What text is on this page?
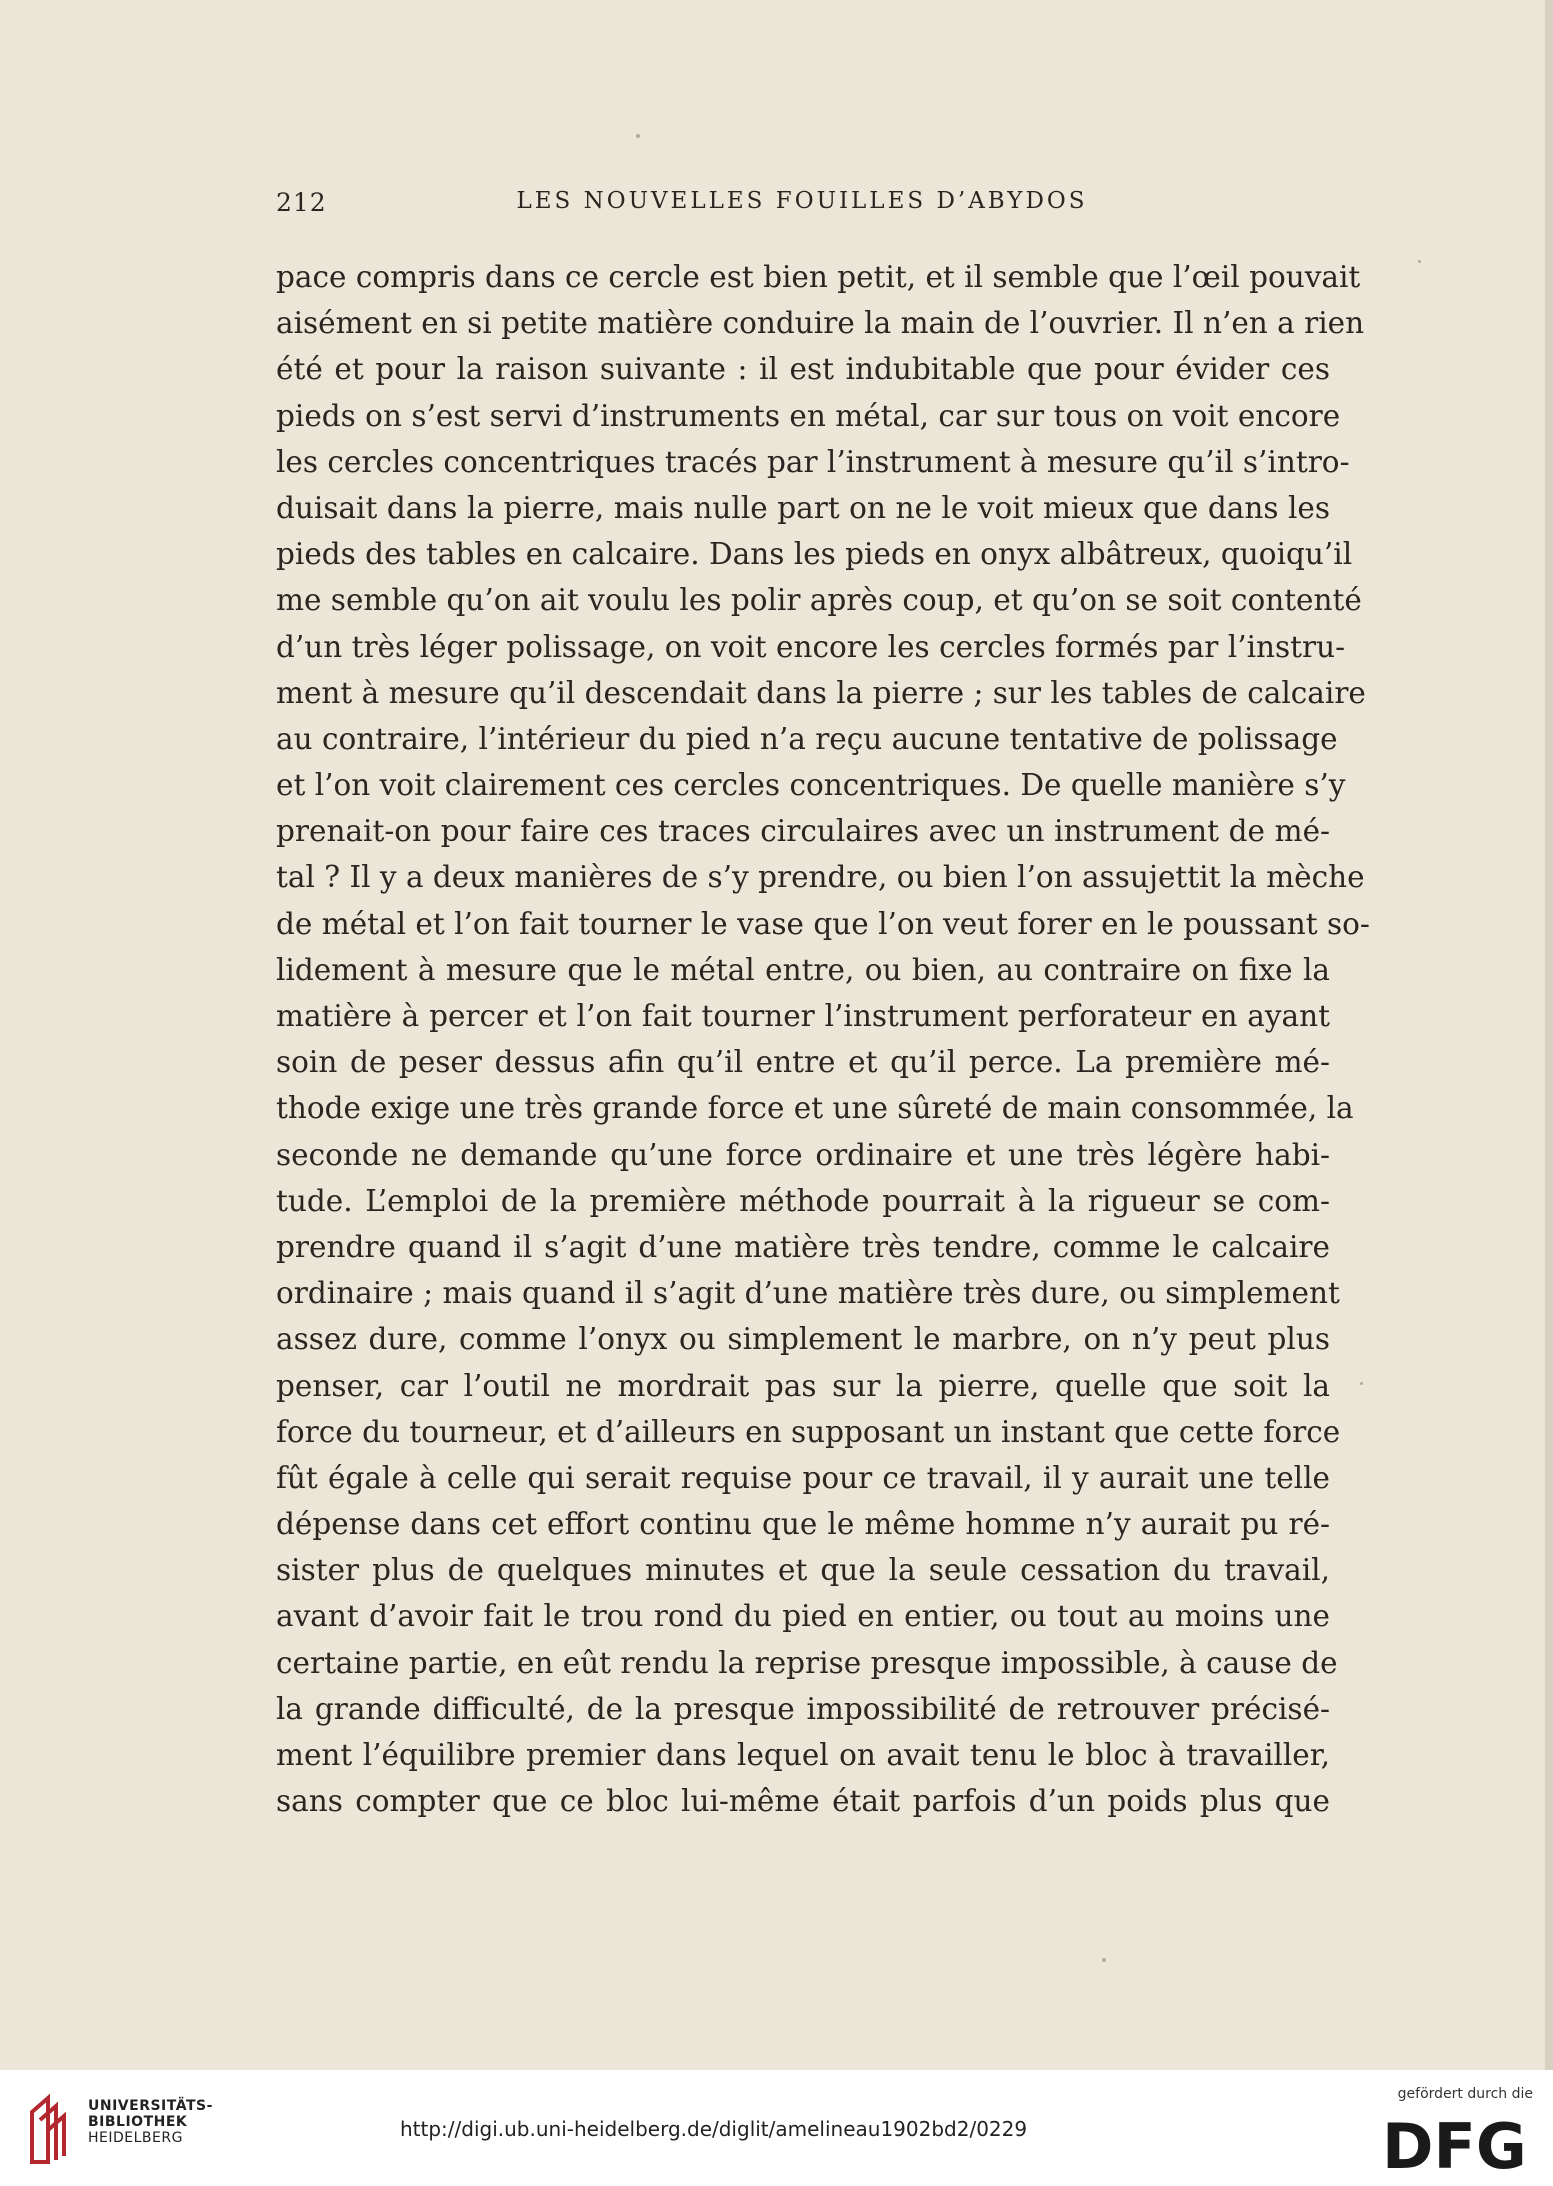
212	LES NOUVELLES FOUILLES D’ABYDOS
pace compris dans ce cercle est bien petit, et il semble que l’œil pouvait
aisément en si petite matière conduire la main de l’ouvrier. Il n’en a rien
été et pour la raison suivante : il est indubitable que pour évider ces
pieds on s’est servi d’instruments en métal, car sur tous on voit encore
les cercles concentriques tracés par l’instrument à mesure qu’il s’intro-
duisait dans la pierre, mais nulle part on ne le voit mieux que dans les
pieds des tables en calcaire. Dans les pieds en onyx albâtreux, quoiqu’il
me semble qu’on ait voulu les polir après coup, et qu’on se soit contenté
d’un très léger polissage, on voit encore les cercles formés par l’instru-
ment à mesure qu’il descendait dans la pierre ; sur les tables de calcaire
au contraire, l’intérieur du pied n’a reçu aucune tentative de polissage
et l’on voit clairement ces cercles concentriques. De quelle manière s’y
prenait-on pour faire ces traces circulaires avec un instrument de mé-
tal ? Il y a deux manières de s’y prendre, ou bien l’on assujettit la mèche
de métal et l’on fait tourner le vase que l’on veut forer en le poussant so-
lidement à mesure que le métal entre, ou bien, au contraire on fixe la
matière à percer et l’on fait tourner l’instrument perforateur en ayant
soin de peser dessus afin qu’il entre et qu’il perce. La première mé-
thode exige une très grande force et une sûreté de main consommée, la
seconde ne demande qu’une force ordinaire et une très légère habi-
tude. L’emploi de la première méthode pourrait à la rigueur se com-
prendre quand il s’agit d’une matière très tendre, comme le calcaire
ordinaire ; mais quand il s’agit d’une matière très dure, ou simplement
assez dure, comme l’onyx ou simplement le marbre, on n’y peut plus
penser, car l’outil ne mordrait pas sur la pierre, quelle que soit la
force du tourneur, et d’ailleurs en supposant un instant que cette force
fût égale à celle qui serait requise pour ce travail, il y aurait une telle
dépense dans cet effort continu que le même homme n’y aurait pu ré-
sister plus de quelques minutes et que la seule cessation du travail,
avant d’avoir fait le trou rond du pied en entier, ou tout au moins une
certaine partie, en eût rendu la reprise presque impossible, à cause de
la grande difficulté, de la presque impossibilité de retrouver précisé-
ment l’équilibre premier dans lequel on avait tenu le bloc à travailler,
sans compter que ce bloc lui-même était parfois d’un poids plus que
UNIVERSITÄTS-
BIBLIOTHEK
HEIDELBERG	http://digi.ub.uni-heidelberg.de/diglit/amelineau1902bd2/0229
gefördert durch die
DFG
